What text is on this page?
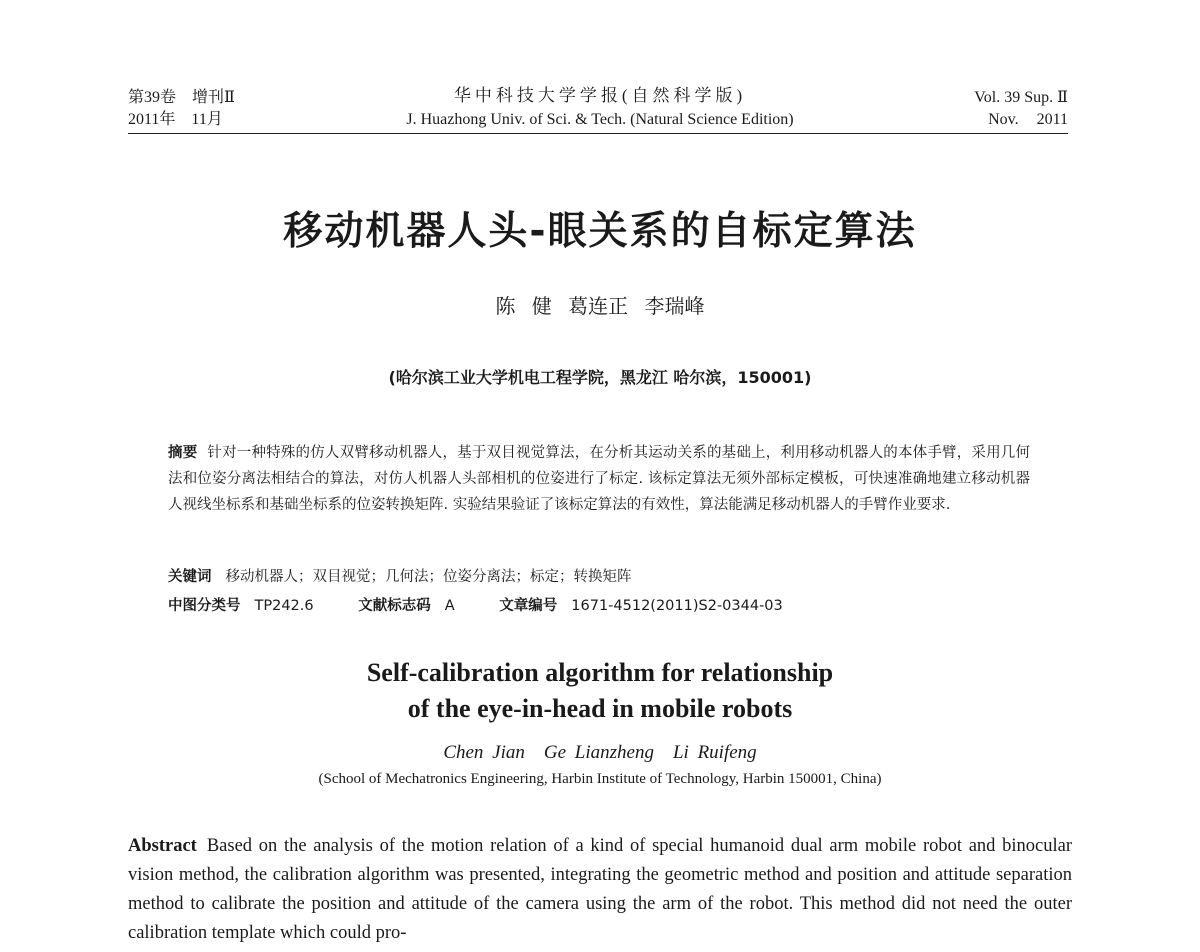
第39卷　增刊Ⅱ
2011年　11月
华中科技大学学报(自然科学版)
J. Huazhong Univ. of Sci. & Tech. (Natural Science Edition)
Vol. 39 Sup. Ⅱ
Nov. 2011
移动机器人头-眼关系的自标定算法
陈 健 葛连正 李瑞峰
(哈尔滨工业大学机电工程学院，黑龙江 哈尔滨，150001)
摘要 针对一种特殊的仿人双臂移动机器人，基于双目视觉算法，在分析其运动关系的基础上，利用移动机器人的本体手臂，采用几何法和位姿分离法相结合的算法，对仿人机器人头部相机的位姿进行了标定. 该标定算法无须外部标定模板，可快速准确地建立移动机器人视线坐标系和基础坐标系的位姿转换矩阵. 实验结果验证了该标定算法的有效性，算法能满足移动机器人的手臂作业要求.
关键词 移动机器人；双目视觉；几何法；位姿分离法；标定；转换矩阵
中图分类号 TP242.6	文献标志码 A	文章编号 1671-4512(2011)S2-0344-03
Self-calibration algorithm for relationship
of the eye-in-head in mobile robots
Chen Jian　Ge Lianzheng　Li Ruifeng
(School of Mechatronics Engineering, Harbin Institute of Technology, Harbin 150001, China)
Abstract Based on the analysis of the motion relation of a kind of special humanoid dual arm mobile robot and binocular vision method, the calibration algorithm was presented, integrating the geometric method and position and attitude separation method to calibrate the position and attitude of the camera using the arm of the robot. This method did not need the outer calibration template which could pro-
